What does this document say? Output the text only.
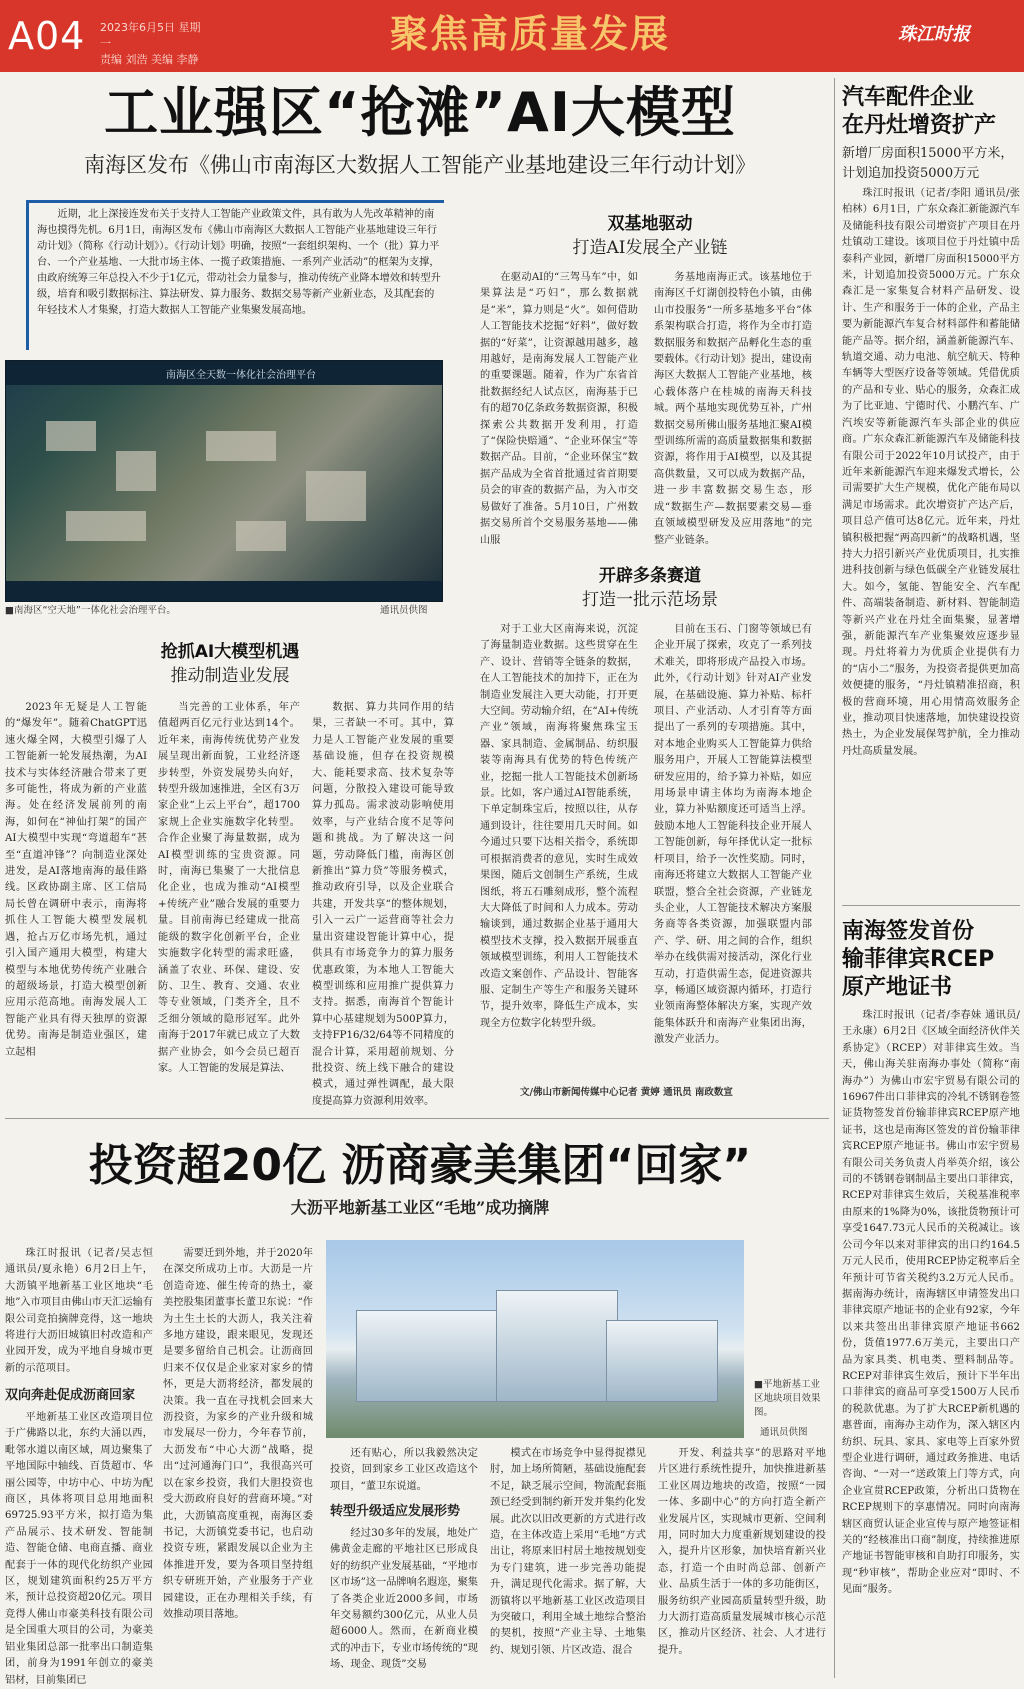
A04 2023年6月5日 星期一
责编 刘浩 美编 李静
聚焦高质量发展	珠江时报
工业强区“抢滩”AI大模型
南海区发布《佛山市南海区大数据人工智能产业基地建设三年行动计划》
近期，北上深接连发布关于支持人工智能产业政策文件，具有敢为人先改革精神的南海也摸得先机。6月1日，南海区发布《佛山市南海区大数据人工智能产业基地建设三年行动计划》（简称《行动计划》）。《行动计划》明确，按照“一套组织架构、一个（批）算力平台、一个产业基地、一大批市场主体、一揽子政策措施、一系列产业活动”的框架为支撑，由政府统筹三年总投入不少于1亿元，带动社会力量参与，推动传统产业降本增效和转型升级，培育和吸引数据标注、算法研发、算力服务、数据交易等新产业新业态，及其配套的年轻技术人才集聚，打造大数据人工智能产业集聚发展高地。
南海区全天数一体化社会治理平台
■南海区“空天地”一体化社会治理平台。	通讯员供图
抢抓AI大模型机遇
推动制造业发展

2023年无疑是人工智能的“爆发年”。随着ChatGPT迅速火爆全网，大模型引爆了人工智能新一轮发展热潮，为AI技术与实体经济融合带来了更多可能性，将成为新的产业蓝海。处在经济发展前列的南海，如何在“神仙打架”的国产AI大模型中实现“弯道超车”甚至“直道冲锋”？向制造业深处进发，是AI落地南海的最佳路线。区政协副主席、区工信局局长曾在调研中表示，南海将抓住人工智能大模型发展机遇，抢占万亿市场先机，通过引入国产通用大模型，构建大模型与本地优势传统产业融合的超级场景，打造大模型创新应用示范高地。南海发展人工智能产业具有得天独厚的资源优势。南海是制造业强区，建立起相

当完善的工业体系，年产值超两百亿元行业达到14个。近年来，南海传统优势产业发展呈现出新面貌，工业经济逐步转型，外资发展势头向好，转型升级加速推进，全区有3万家企业“上云上平台”，超1700家规上企业实施数字化转型。合作企业聚了海量数据，成为AI模型训练的宝贵资源。同时，南海已集聚了一大批信息化企业，也成为推动“AI模型+传统产业”融合发展的重要力量。目前南海已经建成一批高能级的数字化创新平台，企业实施数字化转型的需求旺盛，涵盖了农业、环保、建设、安防、卫生、教育、交通、农业等专业领域，门类齐全，且不乏细分领域的隐形冠军。此外南海于2017年就已成立了大数据产业协会，如今会员已超百家。人工智能的发展是算法、

数据、算力共同作用的结果，三者缺一不可。其中，算力是人工智能产业发展的重要基础设施，但存在投资规模大、能耗要求高、技术复杂等问题，分散投入建设可能导致算力孤岛。需求波动影响使用效率，与产业结合度不足等问题和挑战。为了解决这一问题，劳动降低门槛，南海区创新推出“算力贷”等服务模式，推动政府引导，以及企业联合共建，开发共享“的整体规划，引入一云广一运营商等社会力量出资建设智能计算中心，提供具有市场竞争力的算力服务优惠政策，为本地人工智能大模型训练和应用推广提供算力支持。据悉，南海首个智能计算中心基建规划为500P算力，支持FP16/32/64等不同精度的混合计算，采用超前规划、分批投资、统上线下融合的建设模式，通过弹性调配，最大限度提高算力资源利用效率。

双基地驱动
打造AI发展全产业链

在驱动AI的“三驾马车”中，如果算法是“巧妇”，那么数据就是“米”，算力则是“火”。如何借助人工智能技术挖掘“好料”，做好数据的“好菜”，让资源越用越多，越用越好，是南海发展人工智能产业的重要课题。随着，作为广东省首批数据经纪人试点区，南海基于已有的超70亿条政务数据资源，积极探索公共数据开发利用，打造了“保险快赔通”、“企业环保宝”等数据产品。目前，“企业环保宝”数据产品成为全省首批通过省首期要员会的审查的数据产品，为入市交易做好了准备。5月10日，广州数据交易所首个交易服务基地——佛山服

务基地南海正式。该基地位于南海区千灯湖创投特色小镇，由佛山市投服务“一所多基地多平台”体系架构联合打造，将作为全市打造数据服务和数据产品孵化生态的重要载体。《行动计划》提出，建设南海区大数据人工智能产业基地，核心载体落户在桂城的南海天科技城。两个基地实现优势互补，广州数据交易所佛山服务基地汇聚AI模型训练所需的高质量数据集和数据资源，将作用于AI模型，以及其提高供数量，又可以成为数据产品，进一步丰富数据交易生态，形成“数据生产—数据要素交易—垂直领域模型研发及应用落地”的完整产业链条。

开辟多条赛道
打造一批示范场景

对于工业大区南海来说，沉淀了海量制造业数据。这些贯穿在生产、设计、营销等全链条的数据，在人工智能技术的加持下，正在为制造业发展注入更大动能，打开更大空间。劳动输介绍，在“AI+传统产业”领域，南海将聚焦珠宝玉器、家具制造、金属制品、纺织服装等南海具有优势的特色传统产业，挖掘一批人工智能技术创新场景。比如，客户通过AI智能系统，下单定制珠宝后，按照以往，从存通到设计，往往要用几天时间。如今通过只要下达相关指令，系统即可根据消费者的意见，实时生成效果图，随后文创制生产系统，生成图纸，将五石雕刻成形，整个流程大大降低了时间和人力成本。劳动输谈到，通过数据企业基于通用大模型技术支撑，投入数据开展垂直领域模型训练，利用人工智能技术改造文案创作、产品设计、智能客服、定制生产等生产和服务关键环节，提升效率，降低生产成本，实现全方位数字化转型升级。

目前在玉石、门窗等领域已有企业开展了探索，攻克了一系列技术难关，即将形成产品投入市场。此外，《行动计划》针对AI产业发展，在基础设施、算力补贴、标杆项目、产业活动、人才引育等方面提出了一系列的专项措施。其中，对本地企业购买人工智能算力供给服务用户，开展人工智能算法模型研发应用的，给予算力补贴，如应用场景申请主体均为南海本地企业，算力补贴额度还可适当上浮。鼓励本地人工智能科技企业开展人工智能创新，每年择优认定一批标杆项目，给予一次性奖励。同时，南海还将建立大数据人工智能产业联盟，整合全社会资源，产业链龙头企业，人工智能技术解决方案服务商等各类资源，加强联盟内部产、学、研、用之间的合作，组织举办在线供需对接活动，深化行业互动，打造供需生态，促进资源共享，畅通区域资源内循环，打造行业领南海整体解决方案，实现产效能集体跃升和南海产业集团出海，激发产业活力。

文/佛山市新闻传媒中心记者 黄婷 通讯员 南政数宣
汽车配件企业
在丹灶增资扩产
新增厂房面积15000平方米，计划追加投资5000万元

珠江时报讯（记者/李阳 通讯员/张柏林）6月1日，广东众森汇新能源汽车及储能科技有限公司增资扩产项目在丹灶镇动工建设。该项目位于丹灶镇中岳泰科产业园，新增厂房面积15000平方米，计划追加投资5000万元。广东众森汇是一家集复合材料产品研发、设计、生产和服务于一体的企业，产品主要为新能源汽车复合材料部件和蓄能储能产品等。据介绍，涵盖新能源汽车、轨道交通、动力电池、航空航天、特种车辆等大型医疗设备等领域。凭借优质的产品和专业、贴心的服务，众森汇成为了比亚迪、宁德时代、小鹏汽车、广汽埃安等新能源汽车头部企业的供应商。广东众森汇新能源汽车及储能科技有限公司于2022年10月试投产，由于近年来新能源汽车迎来爆发式增长，公司需要扩大生产规模，优化产能布局以满足市场需求。此次增资扩产达产后，项目总产值可达8亿元。近年来，丹灶镇积极把握“两高四新”的战略机遇，坚持大力招引新兴产业优质项目，扎实推进科技创新与绿色低碳全产业链发展壮大。如今，氢能、智能安全、汽车配件、高端装备制造、新材料、智能制造等新兴产业在丹灶全面集聚，显著增强，新能源汽车产业集聚效应逐步显现。丹灶将着力为优质企业提供有力的“店小二”服务，为投资者提供更加高效便捷的服务，“丹灶镇精准招商，积极的营商环境，用心用情高效服务企业，推动项目快速落地，加快建设投资热土，为企业发展保驾护航，全力推动丹灶高质量发展。

南海签发首份
输菲律宾RCEP
原产地证书

珠江时报讯（记者/李春妹 通讯员/王永康）6月2日《区域全面经济伙伴关系协定》（RCEP）对菲律宾生效。当天，佛山海关驻南海办事处（简称“南海办”）为佛山市宏宇贸易有限公司的16967件出口菲律宾的冷轧不锈钢卷签证货物签发首份输菲律宾RCEP原产地证书，这也是南海区签发的首份输菲律宾RCEP原产地证书。佛山市宏宇贸易有限公司关务负责人肖举英介绍，该公司的不锈钢卷钢制品主要出口菲律宾，RCEP对菲律宾生效后，关税基准税率由原来的1%降为0%，该批货物预计可享受1647.73元人民币的关税减让。该公司今年以来对菲律宾的出口约164.5万元人民币，使用RCEP协定税率后全年预计可节省关税约3.2万元人民币。据南海办统计，南海辖区申请签发出口菲律宾原产地证书的企业有92家，今年以来共签出出菲律宾原产地证书662份，货值1977.6万美元，主要出口产品为家具类、机电类、塑料制品等。RCEP对菲律宾生效后，预计下半年出口菲律宾的商品可享受1500万人民币的税款优惠。为了扩大RCEP新机遇的惠普面，南海办主动作为，深入辖区内纺织、玩具、家具、家电等上百家外贸型企业进行调研，通过政务推进、电话咨询、“一对一”送政策上门等方式，向企业宣贯RCEP政策，分析出口货物在RCEP规则下的享惠情况。同时向南海辖区商贸认证企业宣传与原产地签证相关的“经核准出口商”制度，持续推进原产地证书智能审核和自助打印服务，实现“秒审核”，帮助企业应对“即时、不见面”服务。

投资超20亿 沥商豪美集团“回家”
大沥平地新基工业区“毛地”成功摘牌

珠江时报讯（记者/吴志恒 通讯员/夏永艳）6月2日上午，大沥镇平地新基工业区地块“毛地”入市项目由佛山市天汇运输有限公司竞拍摘牌竞得，这一地块将进行大沥旧城镇旧村改造和产业园开发，成为平地自身城市更新的示范项目。

双向奔赴促成沥商回家

平地新基工业区改造项目位于广佛路以北，东约大涌以西，毗邻水道以南区域，周边聚集了平地国际中轴线、百货超市、华丽公园等，中坊中心、中坊为配商区，具体将项目总用地面积69725.93平方米，拟打造为集产品展示、技术研发、智能制造、智能仓储、电商直播、商业配套于一体的现代化纺织产业园区，规划建筑面积约25万平方米，预计总投资超20亿元。项目竞得人佛山市豪美科技有限公司是全国重大项目的公司，为豪美铝业集团总部一批率出口制造集团，前身为1991年创立的豪美铝材，目前集团已

需要迁到外地，并于2020年在深交所成功上市。大沥是一片创造奇迹、催生传奇的热土，豪美控股集团董事长董卫东说：“作为土生土长的大沥人，我关注着多地方建设，跟来眼见，发现还是要多留给自己机会。让沥商回归来不仅仅是企业家对家乡的情怀，更是大沥将经济，都发展的决策。我一直在寻找机会回来大沥投资，为家乡的产业升级和城市发展尽一份力，今年春节前，大沥发布“中心大沥”战略，提出“过河通海门口”，我很高兴可以在家乡投资，我们大胆投资也受大沥政府良好的营商环境。”对此，大沥镇高度重视，南海区委书记，大沥镇党委书记，也启动投资专班，紧跟发展以企业为主体推进开发，要为各项目坚持组织专研班开始，产业服务于产业园建设，正在办理相关手续，有效推动项目落地。

■平地新基工业区地块项目效果图。
通讯员供图

还有贴心，所以我毅然决定投资，回到家乡工业区改造这个项目，“董卫东说道。

转型升级适应发展形势

经过30多年的发展，地处广佛黄金走廊的平地社区已形成良好的纺织产业发展基础，“平地市区市场”这一品牌响名遐迩，聚集了各类企业近2000多间，市场年交易额约300亿元，从业人员超6000人。然而，在新商业模式的冲击下，专业市场传统的“现场、现金、现货”交易

模式在市场竞争中显得捉襟见肘，加上场所简陋，基础设施配套不足，缺乏展示空间，物流配套瓶颈已经受到制约新开发并集约化发展。此次以旧改更新的方式进行改造，在主体改造上采用“毛地”方式出让，将原来旧村居土地按规划变为专门建筑，进一步完善功能提升，满足现代化需求。据了解，大沥镇将以平地新基工业区改造项目为突破口，利用全域土地综合整治的契机，按照“产业主导、土地集约、规划引领、片区改造、混合

开发、利益共享”的思路对平地片区进行系统性提升，加快推进新基工业区周边地块的改造，按照“一园一体、多副中心”的方向打造全新产业发展片区，实现城市更新、空间利用，同时加大力度重新规划建设的投入，提升片区形象，加快培育新兴业态，打造一个由时尚总部、创新产业、品质生活于一体的多功能街区，服务纺织产业园高质量转型升级，助力大沥打造高质量发展城市核心示范区，推动片区经济、社会、人才进行提升。
